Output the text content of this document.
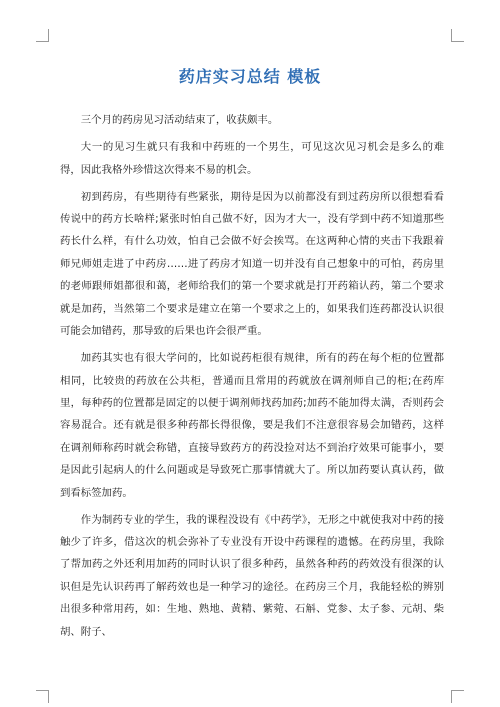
药店实习总结 模板

三个月的药房见习活动结束了，收获颇丰。

大一的见习生就只有我和中药班的一个男生，可见这次见习机会是多么的难得，因此我格外珍惜这次得来不易的机会。

初到药房，有些期待有些紧张，期待是因为以前都没有到过药房所以很想看看传说中的药方长啥样;紧张时怕自己做不好，因为才大一，没有学到中药不知道那些药长什么样，有什么功效，怕自己会做不好会挨骂。在这两种心情的夹击下我跟着师兄师姐走进了中药房……进了药房才知道一切并没有自己想象中的可怕，药房里的老师跟师姐都很和蔼，老师给我们的第一个要求就是打开药箱认药，第二个要求就是加药，当然第二个要求是建立在第一个要求之上的，如果我们连药都没认识很可能会加错药，那导致的后果也许会很严重。

加药其实也有很大学问的，比如说药柜很有规律，所有的药在每个柜的位置都相同，比较贵的药放在公共柜，普通而且常用的药就放在调剂师自己的柜;在药库里，每种药的位置都是固定的以便于调剂师找药加药;加药不能加得太满，否则药会容易混合。还有就是很多种药都长得很像，要是我们不注意很容易会加错药，这样在调剂师称药时就会称错，直接导致药方的药没捡对达不到治疗效果可能事小，要是因此引起病人的什么问题或是导致死亡那事情就大了。所以加药要认真认药，做到看标签加药。

作为制药专业的学生，我的课程没设有《中药学》，无形之中就使我对中药的接触少了许多，借这次的机会弥补了专业没有开设中药课程的遗憾。在药房里，我除了帮加药之外还利用加药的同时认识了很多种药，虽然各种药的药效没有很深的认识但是先认识药再了解药效也是一种学习的途径。在药房三个月，我能轻松的辨别出很多种常用药，如：生地、熟地、黄精、紫菀、石斛、党参、太子参、元胡、柴胡、附子、
